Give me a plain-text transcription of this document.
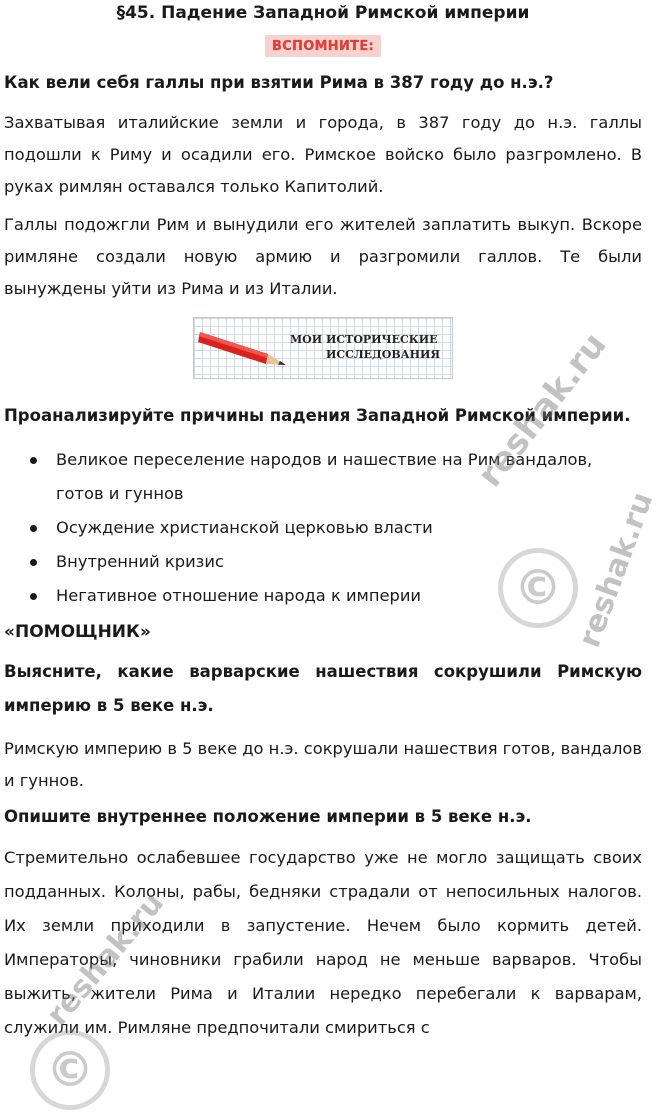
§45. Падение Западной Римской империи
ВСПОМНИТЕ:
Как вели себя галлы при взятии Рима в 387 году до н.э.?

Захватывая италийские земли и города, в 387 году до н.э. галлы подошли к Риму и осадили его. Римское войско было разгромлено. В руках римлян оставался только Капитолий.

Галлы подожгли Рим и вынудили его жителей заплатить выкуп. Вскоре римляне создали новую армию и разгромили галлов. Те были вынуждены уйти из Рима и из Италии.

МОИ ИСТОРИЧЕСКИЕ
ИССЛЕДОВАНИЯ
Проанализируйте причины падения Западной Римской империи.
Великое переселение народов и нашествие на Рим вандалов, готов и гуннов
Осуждение христианской церковью власти
Внутренний кризис
Негативное отношение народа к империи
«ПОМОЩНИК»
Выясните, какие варварские нашествия сокрушили Римскую империю в 5 веке н.э.

Римскую империю в 5 веке до н.э. сокрушали нашествия готов, вандалов и гуннов.

Опишите внутреннее положение империи в 5 веке н.э.

Стремительно ослабевшее государство уже не могло защищать своих подданных. Колоны, рабы, бедняки страдали от непосильных налогов. Их земли приходили в запустение. Нечем было кормить детей. Императоры, чиновники грабили народ не меньше варваров. Чтобы выжить, жители Рима и Италии нередко перебегали к варварам, служили им. Римляне предпочитали смириться с

reshak.ru
© reshak.ru
reshak.ru
©
